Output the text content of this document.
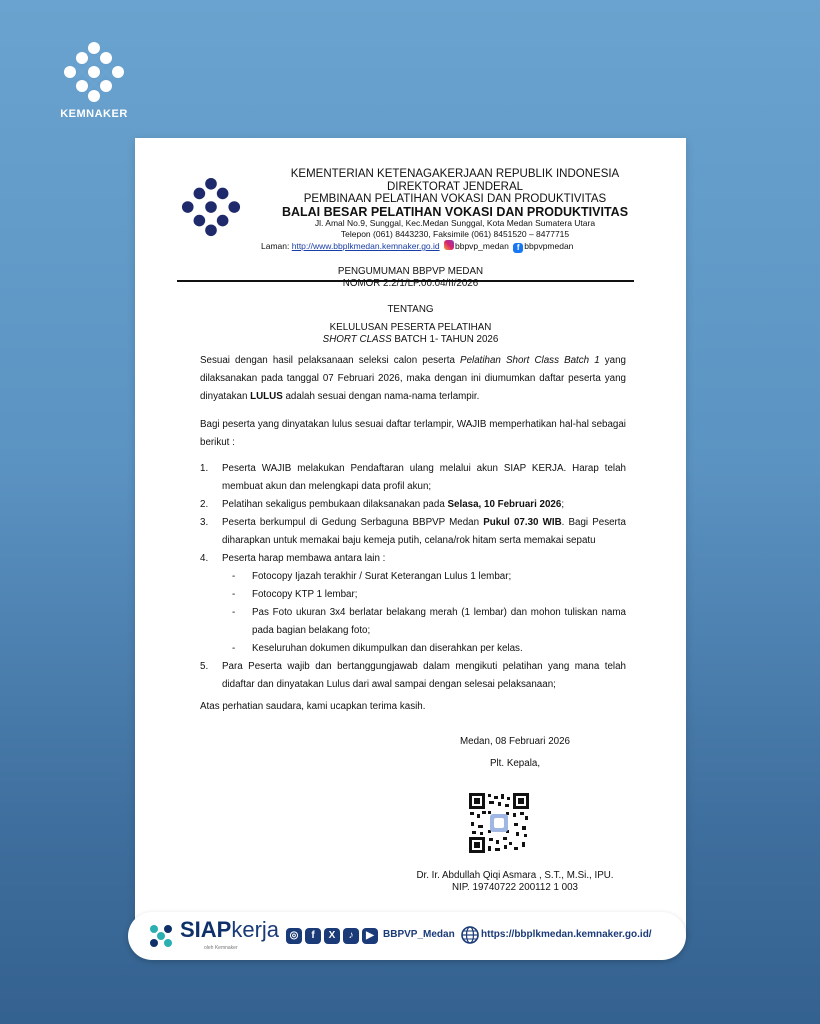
KEMNAKER
KEMENTERIAN KETENAGAKERJAAN REPUBLIK INDONESIA
DIREKTORAT JENDERAL
PEMBINAAN PELATIHAN VOKASI DAN PRODUKTIVITAS
BALAI BESAR PELATIHAN VOKASI DAN PRODUKTIVITAS
Jl. Amal No.9, Sunggal, Kec.Medan Sunggal, Kota Medan Sumatera Utara
Telepon (061) 8443230, Faksimile (061) 8451520 – 8477715
Laman: http://www.bbplkmedan.kemnaker.go.id bbpvp_medan f bbpvpmedan
PENGUMUMAN BBPVP MEDAN
NOMOR 2.2/1/LP.00.04/II/2026
TENTANG
KELULUSAN PESERTA PELATIHAN
SHORT CLASS BATCH 1- TAHUN 2026
Sesuai dengan hasil pelaksanaan seleksi calon peserta Pelatihan Short Class Batch 1 yang dilaksanakan pada tanggal 07 Februari 2026, maka dengan ini diumumkan daftar peserta yang dinyatakan LULUS adalah sesuai dengan nama-nama terlampir.
Bagi peserta yang dinyatakan lulus sesuai daftar terlampir, WAJIB memperhatikan hal-hal sebagai berikut :
1. Peserta WAJIB melakukan Pendaftaran ulang melalui akun SIAP KERJA. Harap telah membuat akun dan melengkapi data profil akun;
2. Pelatihan sekaligus pembukaan dilaksanakan pada Selasa, 10 Februari 2026;
3. Peserta berkumpul di Gedung Serbaguna BBPVP Medan Pukul 07.30 WIB. Bagi Peserta diharapkan untuk memakai baju kemeja putih, celana/rok hitam serta memakai sepatu
4. Peserta harap membawa antara lain :
- Fotocopy Ijazah terakhir / Surat Keterangan Lulus 1 lembar;
- Fotocopy KTP 1 lembar;
- Pas Foto ukuran 3x4 berlatar belakang merah (1 lembar) dan mohon tuliskan nama pada bagian belakang foto;
- Keseluruhan dokumen dikumpulkan dan diserahkan per kelas.
5. Para Peserta wajib dan bertanggungjawab dalam mengikuti pelatihan yang mana telah didaftar dan dinyatakan Lulus dari awal sampai dengan selesai pelaksanaan;
Atas perhatian saudara, kami ucapkan terima kasih.
Medan, 08 Februari 2026
Plt. Kepala,
Dr. Ir. Abdullah Qiqi Asmara , S.T., M.Si., IPU.
NIP. 19740722 200112 1 003
SIAPkerja
oleh Kemnaker
◎	f	X	♪	▶ BBPVP_Medan	https://bbplkmedan.kemnaker.go.id/
